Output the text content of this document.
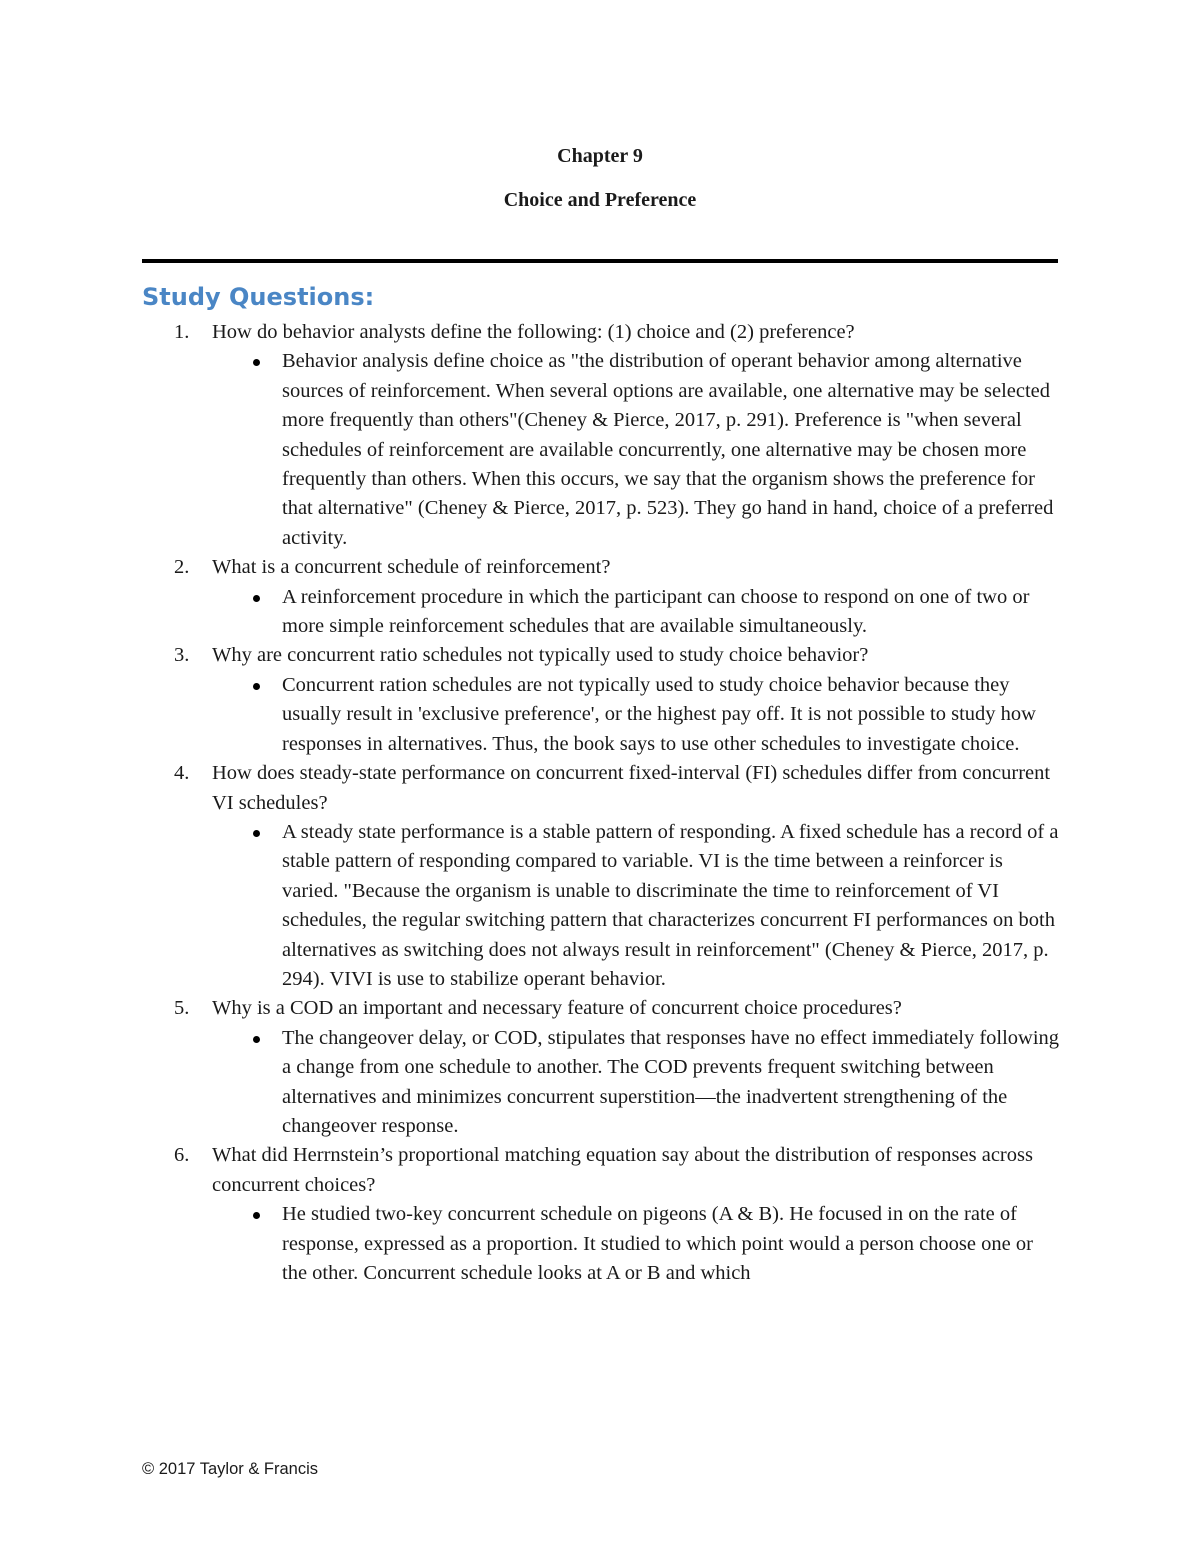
Chapter 9
Choice and Preference
Study Questions:
1. How do behavior analysts define the following: (1) choice and (2) preference?
Behavior analysis define choice as "the distribution of operant behavior among alternative sources of reinforcement. When several options are available, one alternative may be selected more frequently than others"(Cheney & Pierce, 2017, p. 291). Preference is "when several schedules of reinforcement are available concurrently, one alternative may be chosen more frequently than others. When this occurs, we say that the organism shows the preference for that alternative" (Cheney & Pierce, 2017, p. 523). They go hand in hand, choice of a preferred activity.
2. What is a concurrent schedule of reinforcement?
A reinforcement procedure in which the participant can choose to respond on one of two or more simple reinforcement schedules that are available simultaneously.
3. Why are concurrent ratio schedules not typically used to study choice behavior?
Concurrent ration schedules are not typically used to study choice behavior because they usually result in 'exclusive preference', or the highest pay off. It is not possible to study how responses in alternatives. Thus, the book says to use other schedules to investigate choice.
4. How does steady-state performance on concurrent fixed-interval (FI) schedules differ from concurrent VI schedules?
A steady state performance is a stable pattern of responding. A fixed schedule has a record of a stable pattern of responding compared to variable. VI is the time between a reinforcer is varied. "Because the organism is unable to discriminate the time to reinforcement of VI schedules, the regular switching pattern that characterizes concurrent FI performances on both alternatives as switching does not always result in reinforcement" (Cheney & Pierce, 2017, p. 294). VIVI is use to stabilize operant behavior.
5. Why is a COD an important and necessary feature of concurrent choice procedures?
The changeover delay, or COD, stipulates that responses have no effect immediately following a change from one schedule to another. The COD prevents frequent switching between alternatives and minimizes concurrent superstition—the inadvertent strengthening of the changeover response.
6. What did Herrnstein’s proportional matching equation say about the distribution of responses across concurrent choices?
He studied two-key concurrent schedule on pigeons (A & B). He focused in on the rate of response, expressed as a proportion. It studied to which point would a person choose one or the other. Concurrent schedule looks at A or B and which
© 2017 Taylor & Francis
